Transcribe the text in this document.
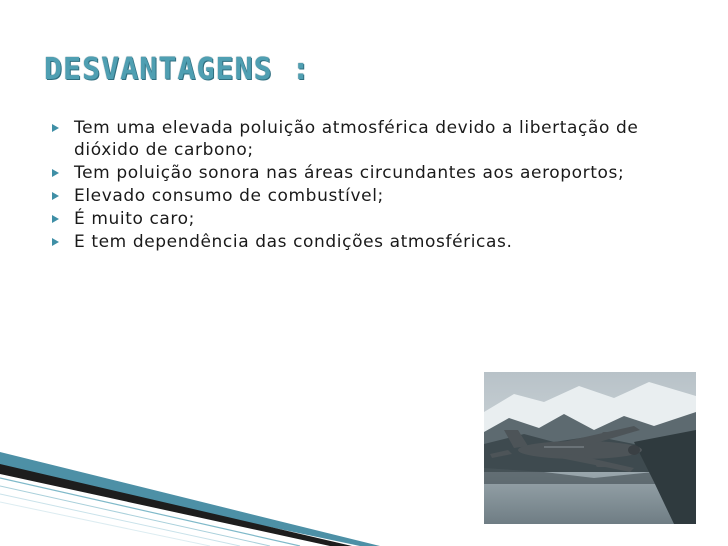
DESVANTAGENS :
Tem uma elevada poluição atmosférica devido a libertação de dióxido de carbono;
Tem poluição sonora nas áreas circundantes aos aeroportos;
Elevado consumo de combustível;
É muito caro;
E tem dependência das condições atmosféricas.
